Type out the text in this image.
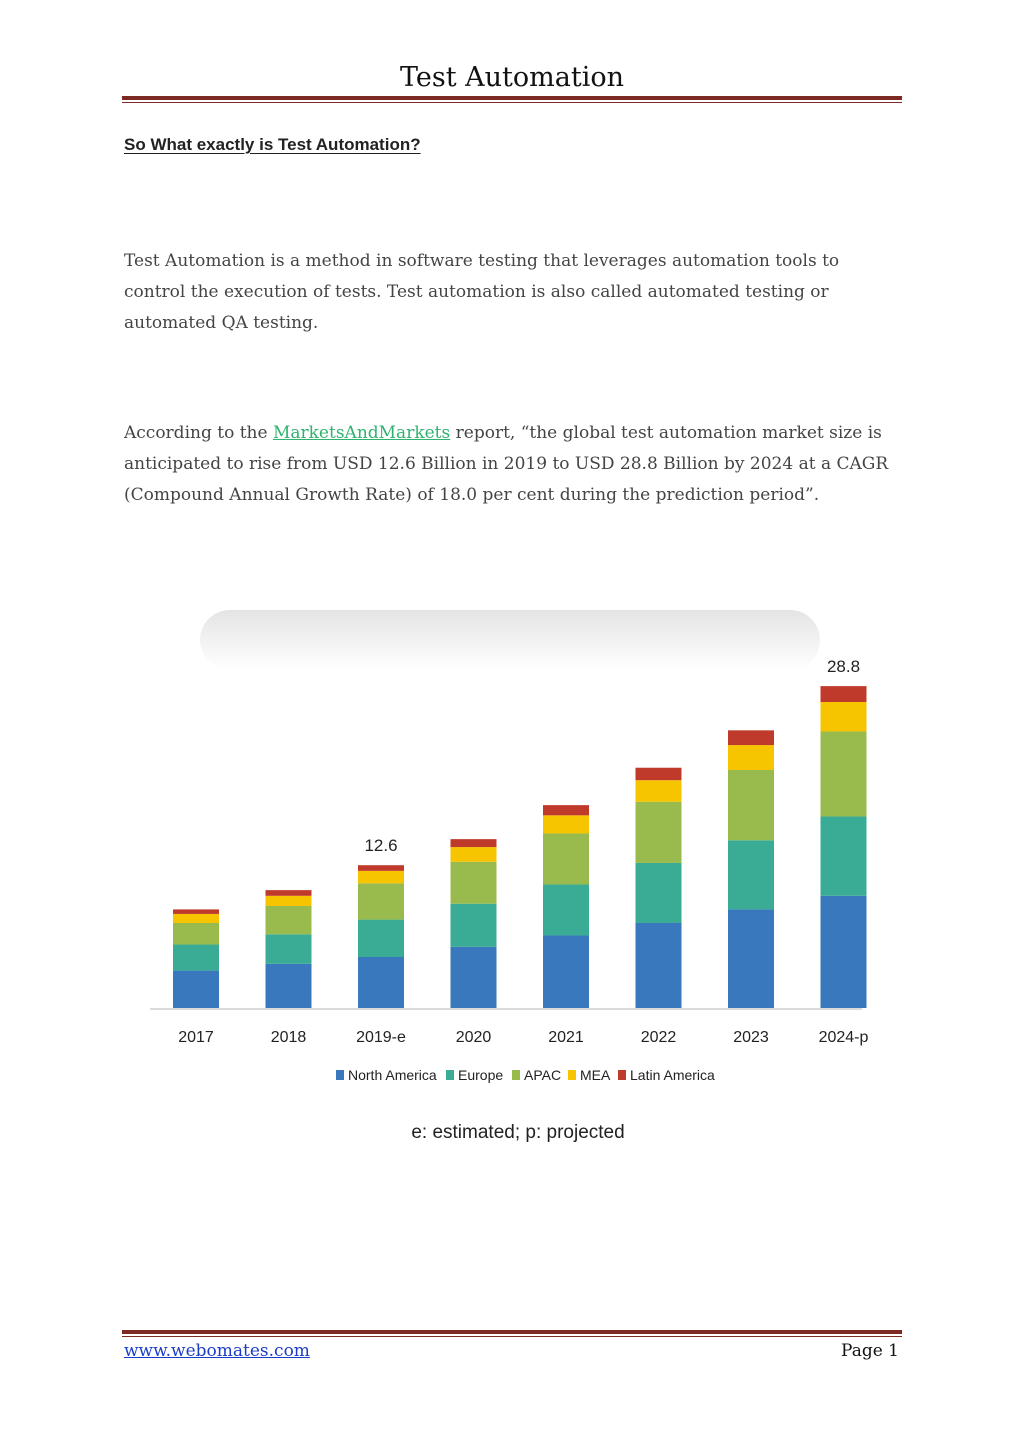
Test Automation
So What exactly is Test Automation?

Test Automation is a method in software testing that leverages automation tools to control the execution of tests. Test automation is also called automated testing or automated QA testing.

According to the MarketsAndMarkets report, “the global test automation market size is anticipated to rise from USD 12.6 Billion in 2019 to USD 28.8 Billion by 2024 at a CAGR (Compound Annual Growth Rate) of 18.0 per cent during the prediction period”.

2017	2018	2019-e	2020	2021	2022	2023	2024-p
12.6
28.8
North America Europe APAC MEA Latin America
e: estimated; p: projected
www.webomates.com	Page 1
